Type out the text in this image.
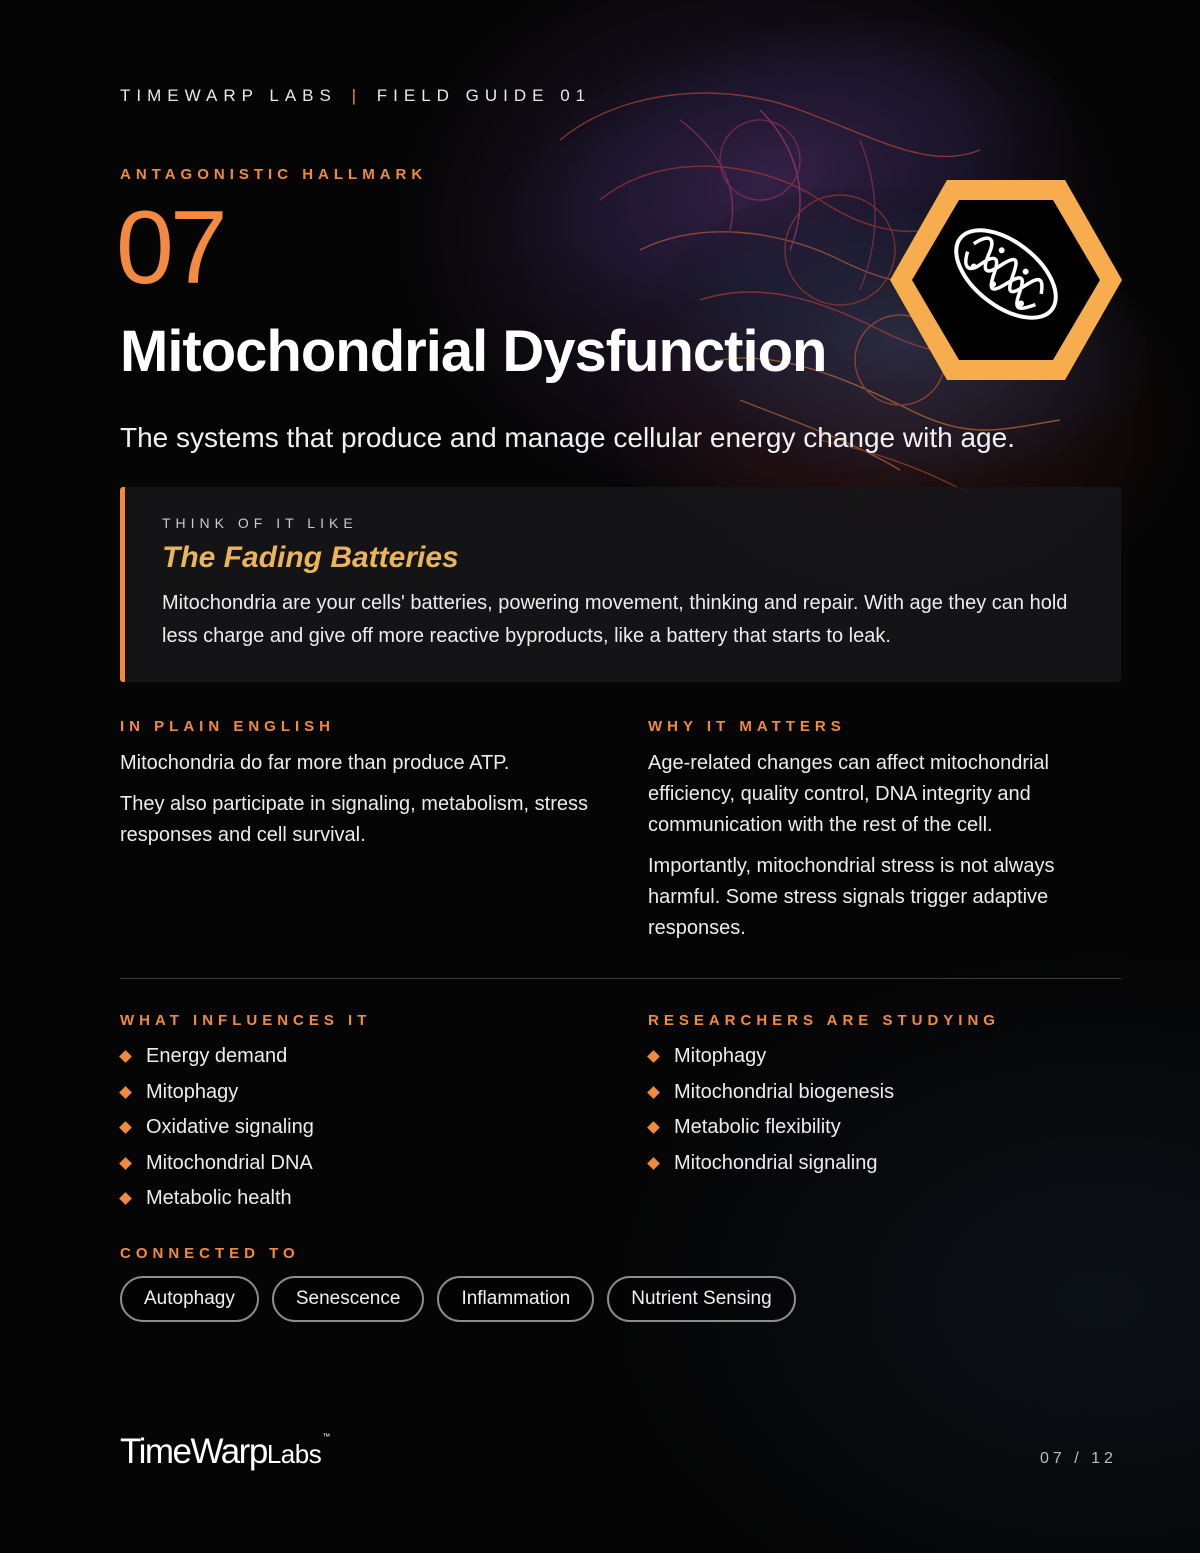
TIMEWARP LABS | FIELD GUIDE 01
ANTAGONISTIC HALLMARK
07
Mitochondrial Dysfunction
The systems that produce and manage cellular energy change with age.
THINK OF IT LIKE
The Fading Batteries
Mitochondria are your cells' batteries, powering movement, thinking and repair. With age they can hold less charge and give off more reactive byproducts, like a battery that starts to leak.
IN PLAIN ENGLISH

Mitochondria do far more than produce ATP.

They also participate in signaling, metabolism, stress responses and cell survival.

WHY IT MATTERS

Age-related changes can affect mitochondrial efficiency, quality control, DNA integrity and communication with the rest of the cell.

Importantly, mitochondrial stress is not always harmful. Some stress signals trigger adaptive responses.

WHAT INFLUENCES IT
Energy demand
Mitophagy
Oxidative signaling
Mitochondrial DNA
Metabolic health
RESEARCHERS ARE STUDYING
Mitophagy
Mitochondrial biogenesis
Metabolic flexibility
Mitochondrial signaling
CONNECTED TO
Autophagy	Senescence	Inflammation	Nutrient Sensing
TimeWarpLabs™
07 / 12
